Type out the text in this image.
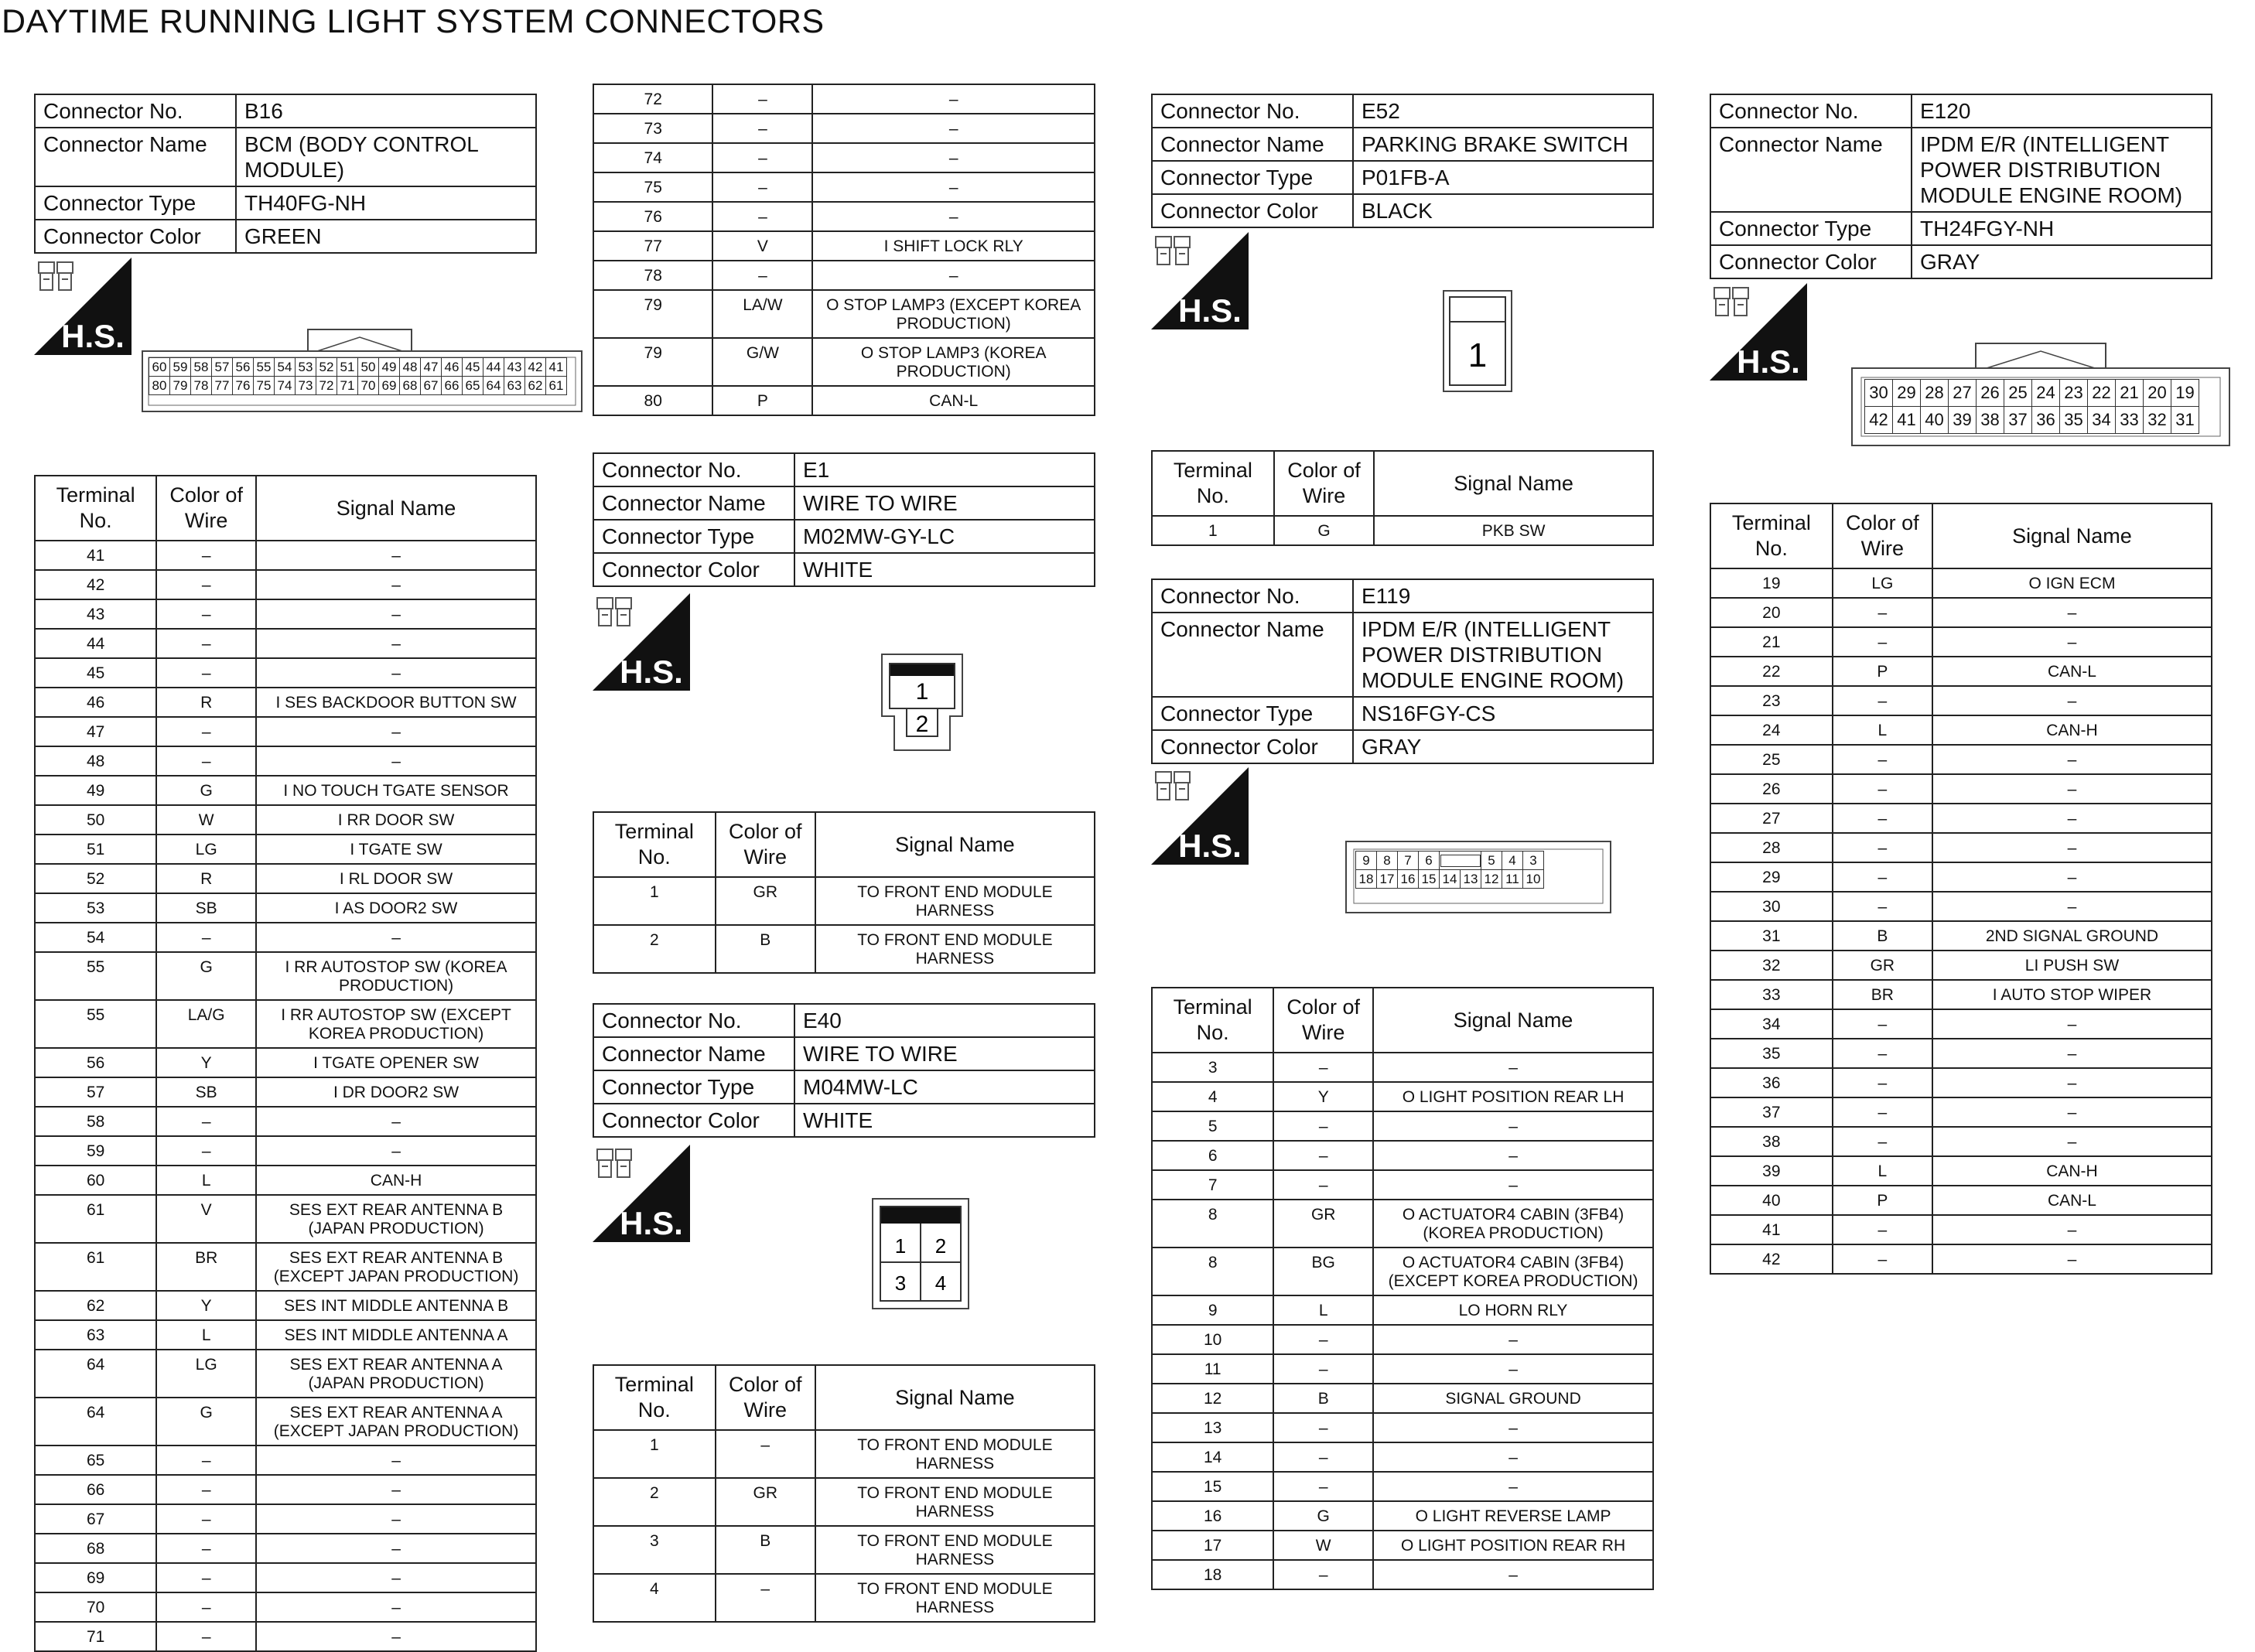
DAYTIME RUNNING LIGHT SYSTEM CONNECTORS
Connector No.	B16
Connector Name	BCM (BODY CONTROL MODULE)
Connector Type	TH40FG-NH
Connector Color	GREEN
H.S.
60	59	58	57	56	55	54	53	52	51	50	49	48	47	46	45	44	43	42	41
80	79	78	77	76	75	74	73	72	71	70	69	68	67	66	65	64	63	62	61
Terminal No.	Color of Wire	Signal Name
41	–	–
42	–	–
43	–	–
44	–	–
45	–	–
46	R	I SES BACKDOOR BUTTON SW
47	–	–
48	–	–
49	G	I NO TOUCH TGATE SENSOR
50	W	I RR DOOR SW
51	LG	I TGATE SW
52	R	I RL DOOR SW
53	SB	I AS DOOR2 SW
54	–	–
55	G	I RR AUTOSTOP SW (KOREA PRODUCTION)
55	LA/G	I RR AUTOSTOP SW (EXCEPT KOREA PRODUCTION)
56	Y	I TGATE OPENER SW
57	SB	I DR DOOR2 SW
58	–	–
59	–	–
60	L	CAN-H
61	V	SES EXT REAR ANTENNA B (JAPAN PRODUCTION)
61	BR	SES EXT REAR ANTENNA B (EXCEPT JAPAN PRODUCTION)
62	Y	SES INT MIDDLE ANTENNA B
63	L	SES INT MIDDLE ANTENNA A
64	LG	SES EXT REAR ANTENNA A (JAPAN PRODUCTION)
64	G	SES EXT REAR ANTENNA A (EXCEPT JAPAN PRODUCTION)
65	–	–
66	–	–
67	–	–
68	–	–
69	–	–
70	–	–
71	–	–
72	–	–
73	–	–
74	–	–
75	–	–
76	–	–
77	V	I SHIFT LOCK RLY
78	–	–
79	LA/W	O STOP LAMP3 (EXCEPT KOREA PRODUCTION)
79	G/W	O STOP LAMP3 (KOREA PRODUCTION)
80	P	CAN-L
Connector No.	E1
Connector Name	WIRE TO WIRE
Connector Type	M02MW-GY-LC
Connector Color	WHITE
H.S.
1
2
Terminal No.	Color of Wire	Signal Name
1	GR	TO FRONT END MODULE HARNESS
2	B	TO FRONT END MODULE HARNESS
Connector No.	E40
Connector Name	WIRE TO WIRE
Connector Type	M04MW-LC
Connector Color	WHITE
H.S.
1 2
3 4
Terminal No.	Color of Wire	Signal Name
1	–	TO FRONT END MODULE HARNESS
2	GR	TO FRONT END MODULE HARNESS
3	B	TO FRONT END MODULE HARNESS
4	–	TO FRONT END MODULE HARNESS
Connector No.	E52
Connector Name	PARKING BRAKE SWITCH
Connector Type	P01FB-A
Connector Color	BLACK
H.S.
1
Terminal No.	Color of Wire	Signal Name
1	G	PKB SW
Connector No.	E119
Connector Name	IPDM E/R (INTELLIGENT POWER DISTRIBUTION MODULE ENGINE ROOM)
Connector Type	NS16FGY-CS
Connector Color	GRAY
H.S.	9	8	7	6			5	4	3
18	17	16	15	14	13	12	11	10
Terminal No.	Color of Wire	Signal Name
3	–	–
4	Y	O LIGHT POSITION REAR LH
5	–	–
6	–	–
7	–	–
8	GR	O ACTUATOR4 CABIN (3FB4) (KOREA PRODUCTION)
8	BG	O ACTUATOR4 CABIN (3FB4) (EXCEPT KOREA PRODUCTION)
9	L	LO HORN RLY
10	–	–
11	–	–
12	B	SIGNAL GROUND
13	–	–
14	–	–
15	–	–
16	G	O LIGHT REVERSE LAMP
17	W	O LIGHT POSITION REAR RH
18	–	–
Connector No.	E120
Connector Name	IPDM E/R (INTELLIGENT POWER DISTRIBUTION MODULE ENGINE ROOM)
Connector Type	TH24FGY-NH
Connector Color	GRAY
H.S.
30	29	28	27	26	25	24	23	22	21	20	19
42	41	40	39	38	37	36	35	34	33	32	31
Terminal No.	Color of Wire	Signal Name
19	LG	O IGN ECM
20	–	–
21	–	–
22	P	CAN-L
23	–	–
24	L	CAN-H
25	–	–
26	–	–
27	–	–
28	–	–
29	–	–
30	–	–
31	B	2ND SIGNAL GROUND
32	GR	LI PUSH SW
33	BR	I AUTO STOP WIPER
34	–	–
35	–	–
36	–	–
37	–	–
38	–	–
39	L	CAN-H
40	P	CAN-L
41	–	–
42	–	–
